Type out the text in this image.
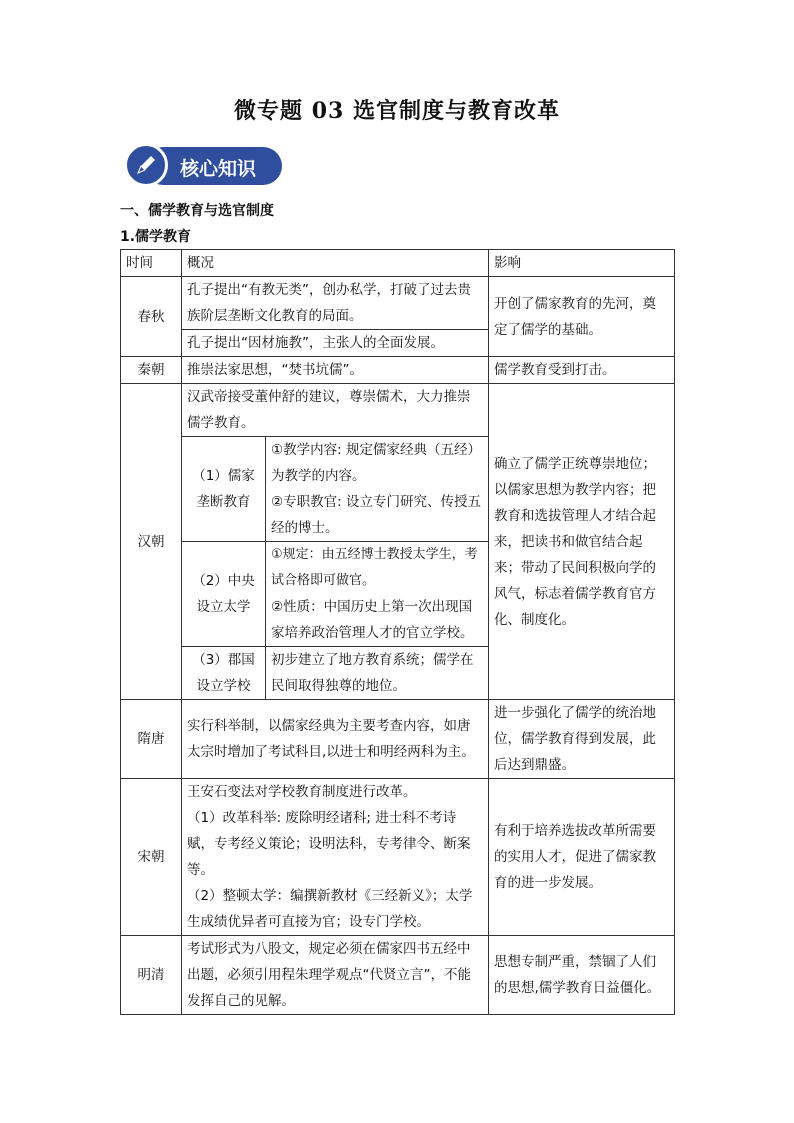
微专题 03 选官制度与教育改革
核心知识
一、儒学教育与选官制度
1.儒学教育
时间	概况		影响
春秋	孔子提出“有教无类”，创办私学，打破了过去贵族阶层垄断文化教育的局面。		开创了儒家教育的先河，奠定了儒学的基础。
	孔子提出“因材施教”，主张人的全面发展。		
秦朝	推崇法家思想，“焚书坑儒”。		儒学教育受到打击。
汉朝	汉武帝接受董仲舒的建议，尊崇儒术，大力推崇儒学教育。		确立了儒学正统尊崇地位；以儒家思想为教学内容；把教育和选拔管理人才结合起来，把读书和做官结合起来；带动了民间积极向学的风气，标志着儒学教育官方化、制度化。
	（1）儒家垄断教育	①教学内容: 规定儒家经典（五经）为教学的内容。

②专职教官: 设立专门研究、传授五经的博士。	

	（2）中央设立太学	①规定：由五经博士教授太学生，考试合格即可做官。

②性质：中国历史上第一次出现国家培养政治管理人才的官立学校。	

	（3）郡国设立学校	初步建立了地方教育系统；儒学在民间取得独尊的地位。	
隋唐	实行科举制，以儒家经典为主要考查内容，如唐太宗时增加了考试科目,以进士和明经两科为主。		进一步强化了儒学的统治地位，儒学教育得到发展，此后达到鼎盛。
宋朝	王安石变法对学校教育制度进行改革。

（1）改革科举: 废除明经诸科; 进士科不考诗赋，专考经义策论；设明法科，专考律令、断案等。

（2）整顿太学：编撰新教材《三经新义》；太学生成绩优异者可直接为官；设专门学校。		有利于培养选拔改革所需要的实用人才，促进了儒家教育的进一步发展。
明清	考试形式为八股文，规定必须在儒家四书五经中出题，必须引用程朱理学观点“代贤立言”，不能发挥自己的见解。		思想专制严重，禁锢了人们的思想,儒学教育日益僵化。
